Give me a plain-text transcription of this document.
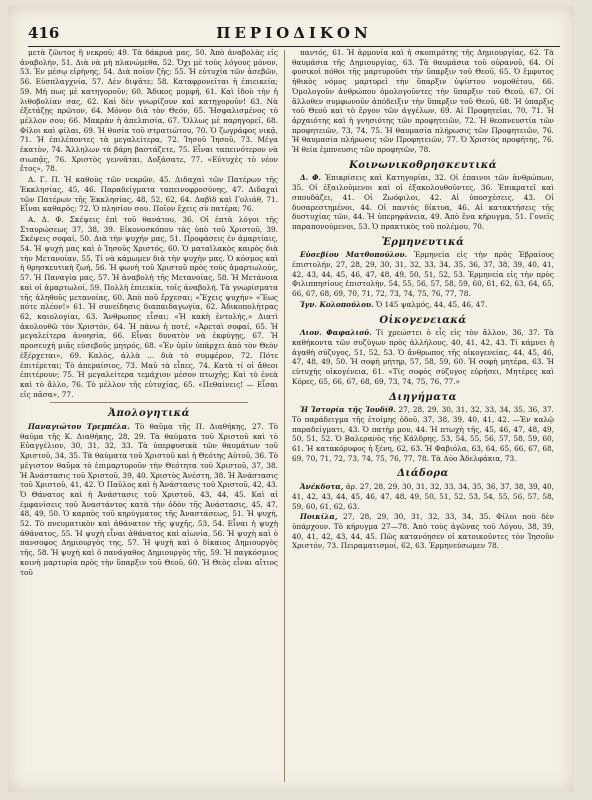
416	ΠΕΡΙΟΔΙΚΟΝ

μετὰ ζῶντος ἢ νεκροῦ; 49. Τὰ δάκρυά μας, 50. Ἀπὸ ἀναβολὰς εἰς ἀναβολήν, 51. Διὰ νὰ μὴ πλανώμεθα, 52. Ὄχι μὲ τοὺς λόγους μόνον, 53. Ἐν μέσῳ εἰρήνης, 54. Διὰ ποῖον ζῆς; 55. Ἡ εὐτυχία τῶν ἀσεβῶν, 56. Εὐσπλαγχνία, 57. Δὲν διψᾶτε; 58. Καταφρονεῖται ἡ ἐπιεικεία; 59. Μή πως μὲ κατηγοροῦν; 60. Ἄδικος μομφή, 61. Καὶ ἰδοὺ τὴν ἡ λιθοβολίαν σας, 62. Καὶ δὲν γνωρίζουν καὶ κατηγοροῦν! 63. Νὰ ἐξετάζῃς πρῶτον, 64. Μόνον διὰ τὸν Θεόν, 65. Ἠσφαλισμένος τὸ μέλλον σου; 66. Μακρὰν ἡ ἀπελπισία, 67. Ὅλλως μὲ παρηγορεῖ, 68. Φίλοι καὶ φίλαι, 69. Ἡ θυσία τοῦ στρατιώτου, 70. Ὁ ζωγράφος νικᾷ, 71. Ἡ ἐπιλέποντες τὰ μεγαλείτερα, 72. Ἰησοῦ Ἰησοῦ, 73. Μέγα ἑκατὸν, 74. Ἄλληλων τὰ βάρη βαστάζετε, 75. Εἶναι ταπεινότερον νὰ σιωπᾷς, 76. Χριστὸς γεννᾶται, Δοξάσατε, 77. «Εὐτυχὲς τὸ νέον ἔτος», 78.

Δ. Γ. Π. Ἡ καθοὺς τῶν νεκρῶν, 45. Διδαχαὶ τῶν Πατέρων τῆς Ἐκκλησίας, 45, 46. Παραδείγματα ταπεινοφροσύνης, 47. Διδαχαὶ τῶν Πατέρων τῆς Ἐκκλησίας, 48, 52, 62, 64. Δαβὶδ καὶ Γολιάθ, 71. Εἶναι καθαρὸς; 72. Ὁ πλησίον σου. Ποῖον ἔχεις σὺ πατέρα; 76.

Α. Δ. Φ. Σκέψεις ἐπὶ τοῦ θανάτου, 36. Οἱ ἑπτὰ λόγοι τῆς Σταυρώσεως 37, 38, 39. Εἰκονοσκόπου τὰς ὑπὸ τοῦ Χριστοῦ, 39. Σκέψεις σοφαί, 50. Διὰ τὴν ψυχήν μας, 51. Προφάσεις ἐν ἁμαρτίαις, 54. Ἡ ψυχὴ μας καὶ ὁ Ἰησοῦς Χριστός, 60. Ὁ ματαϊλακὸς καιρὸς διὰ τὴν Μετανοίαν, 55, Τί νὰ κάμωμεν διὰ τὴν ψυχὴν μας. Ὁ κόσμος καὶ ἡ θρησκευτικὴ ζωή, 56. Ἡ φωνὴ τοῦ Χριστοῦ πρὸς τοὺς ἁμαρτωλούς, 57. Ἡ Παναγία μας, 57. Ἡ ἀναβολὴ τῆς Μετανοίας, 58. Ἡ Μετάνοια καὶ οἱ ἁμαρτωλοί, 59. Πολλὴ ἐπιεικία, τοῖς ἀναβολή. Τὰ γνωρίσματα τῆς ἀληθοῦς μετανοίας, 60. Ἀπὸ ποῦ ἔρχεσαι; «Ἔχεις ψυχήν» «Ἕως πότε πλέον!» 61. Ἡ συνείδησις διαπαιδαγωγία, 62. Ἀδικοπολήτρας 62, καιολογίαι, 63. Ἄνθρωπος εἶσαι; «Ἡ κακὴ ἐντολής,» Διατὶ ἀκολουθῶ τὸν Χριστόν, 64. Ἡ πάνω ἡ ποτέ, «Ἀρεταὶ σοφαί, 65. Ἡ μεγαλείτερα ἀνοησία, 66. Εἶναι δυνατὸν νὰ ἐκφύγῃς, 67. Ἡ προσευχὴ μιᾶς εὐσεβοῦς μητρός, 68. «Ἐν ὑμῖν ὑπάρχει ἀπὸ τὸν Θεὸν ἐξέρχεται», 69. Καλὸς, ἀλλὰ ... διὰ τὸ συμφέρον, 72. Πότε ἐπιτέρεται; Τὸ ἀπεραίσιος, 73. Μαῦ τὰ εἶπες, 74. Κατὰ τί οἱ ἄθεοι ἐπιτέρουν; 75. Ἡ μεγαλείτερα τεμάχιον μέσον πτωχῆς; Καὶ τὸ ἐνεὰ καὶ τὸ ἄλλο, 76. Τὸ μέλλον τῆς εὐτυχίας, 65. «Πεθαίνεις! — Εἶσαι εἰς πᾶσα», 77.

Ἀπολογητικά

Παναγιώτου Τρεμπέλα. Τὸ θαῦμα τῆς Π. Διαθήκης, 27. Τὸ θαῦμα τῆς Κ. Διαθήκης, 28, 29. Τὰ θαύματα τοῦ Χριστοῦ καὶ τὸ Εὐαγγέλιον, 30, 31, 32, 33. Τὰ ὑπερφυσικὰ τῶν θαυμάτων τοῦ Χριστοῦ, 34, 35. Τὰ θαύματα τοῦ Χριστοῦ καὶ ἡ Θεότης Αὐτοῦ, 36. Τὸ μέγιστον θαῦμα τὸ ἐπιμαρτυροῦν τὴν Θεότητα τοῦ Χριστοῦ, 37, 38. Ἡ Ἀνάστασις τοῦ Χριστοῦ, 39, 40. Χριστὸς Ἀνέστη, 38. Ἡ Ἀνάστασις τοῦ Χριστοῦ, 41, 42. Ὁ Παῦλος καὶ ἡ Ἀνάστασις τοῦ Χριστοῦ, 42, 43. Ὁ Θάνατος καὶ ἡ Ἀνάστασις τοῦ Χριστοῦ, 43, 44, 45. Καὶ αἱ ἐμφανίσεις τοῦ Ἀναστάντος κατὰ τὴν ὁδὸν τῆς Ἀνάστασις, 45, 47, 48, 49, 50. Ὁ καρπὸς τοῦ κηρύγματος τῆς Ἀναστάσεως, 51. Ἡ ψυχὴ, 52. Τὸ πνευματικὸν καὶ ἀθάνατον τῆς ψυχῆς, 53, 54. Εἶναι ἡ ψυχὴ ἀθάνατος, 55. Ἡ ψυχὴ εἶναι ἀθάνατος καὶ αἰωνία, 56. Ἡ ψυχὴ καὶ ὁ πανσοφος Δημιουργὸς της, 57. Ἡ ψυχὴ καὶ ὁ δίκαιος Δημιουργὸς τῆς, 58. Ἡ ψυχὴ καὶ ὁ πανάγαθος Δημιουργὸς τῆς, 59. Ἡ παγκόσμιος κοινὴ μαρτυρία πρὸς τὴν ὕπαρξιν τοῦ Θεοῦ, 60. Ἡ Θεὸς εἶναι αἴτιος τοῦ

παντός, 61. Ἡ ἁρμονία καὶ ἡ σκοπιμότης τῆς Δημιουργίας, 62. Τὰ θαυμάσια τῆς Δημιουργίας, 63. Τὰ θαυμάσια τοῦ οὐρανοῦ, 64. Οἱ φυσικοὶ πόθοι τῆς μαρτυροῦσι τὴν ὕπαρξιν τοῦ Θεοῦ, 65. Ὁ ἔμφυτος ἠθικὸς νόμος μαρτυρεῖ τὴν ὕπαρξιν ὑψίστου νομοθέτου, 66. Ὁμολογοῦν ἀνθρώπου ὁμολογοῦντες τὴν ὕπαρξιν τοῦ Θεοῦ, 67. Οἱ ἄλλοθεν συμφωνοῦν ἀπόδειξιν τὴν ὕπαρξιν τοῦ Θεοῦ, 68. Ἡ ὑπαρξις τοῦ Θεοῦ καὶ τὸ ἔργον τῶν ἀγγέλων, 69. Αἱ Προφητεῖαι, 70, 71. Ἡ ἀρχαιότης καὶ ἡ γνησιότης τῶν προφητειῶν, 72. Ἡ θεοπνευστία τῶν προφητειῶν, 73, 74, 75. Ἡ θαυμασία πλήρωσις τῶν Προφητειῶν, 76. Ἡ θαυμασία πλήρωσις τῶν Προφητειῶν, 77. Ὁ Χριστὸς προφήτης, 76. Ἡ θεία ἐμπνευσις τῶν προφητῶν, 78.

Κοινωνικοθρησκευτικά

Δ. Φ. Ἐπικρίσεις καὶ Κατηγορίαι, 32. Οἱ ἐπαινοι τῶν ἀνθρώπων, 35. Οἱ ἐξαιλοῦμενοι καὶ οἱ ἐξακολουθοῦντες, 36. Ἐπικρατεῖ καὶ σπουδάζει, 41. Οἱ Ζωόφιλοι, 42. Αἱ ὑποσχέσεις, 43. Οἱ δυσαρεστημένοι, 44. Οἱ παντὸς δίκτυα, 46. Αἱ κατακτήσεις τῆς δυστυχίας τῶν, 44. Ἡ ὑπερηφάνεια, 49. Ἀπὸ ἓνα κήρυγμα, 51. Γονεῖς παραπονούμενοι, 53. Ὁ πρακτικὸς τοῦ πολέμου, 70.

Ἑρμηνευτικά

Εὐσεβίου Ματθοπούλου. Ἑρμηνεία εἰς τὴν πρὸς Ἑβραίους ἐπιστολήν, 27, 28, 29, 30, 31, 32, 33, 34, 35, 36, 37, 38, 39, 40, 41, 42, 43, 44, 45, 46, 47, 48, 49, 50, 51, 52, 53. Ἑρμηνεία εἰς τὴν πρὸς Φιλιππησίους ἐπιστολήν, 54, 55, 56, 57, 58, 59, 60, 61, 62, 63, 64, 65, 66, 67, 68, 69, 70, 71, 72, 73, 74, 75, 76, 77, 78.

Ἰγν. Κολοπούλου. Ὁ 145 ψαλμός, 44, 45, 46, 47.

Οἰκογενειακά

Λιον. Φαφαλιοῦ. Τί χρεώστει ὁ εἷς εἰς τὸν ἄλλον, 36, 37. Τὰ καθήκοντα τῶν συζύγων πρὸς ἀλλήλους, 40, 41, 42, 43. Τί κάμνει ἡ ἀγαθὴ σύζυγος, 51, 52, 53. Ὁ ἄνθρωπος τῆς οἰκογενείας, 44, 45, 46, 47, 48, 49, 50. Ἡ σοφὴ μήτηρ, 57, 58, 59, 60. Ἡ σοφὴ μητέρα, 63. Ἡ εὐτυχὴς οἰκογένεια, 61. «Τίς σοφὸς σύζυγος εὑρήσει, Μητέρες καὶ Κόρες, 65, 66, 67, 68, 69, 73, 74, 75, 76, 77.»

Διηγήματα

Ἡ Ἱστορία τῆς Ἰουδίθ. 27, 28, 29, 30, 31, 32, 33, 34, 35, 36, 37. Τὸ παράδειγμα τῆς ἑτοίμης ὁδοῦ, 37, 38, 39, 40, 41, 42. —Ἐν καλῷ παραδείγματι, 43. Ὁ πατὴρ μου, 44. Ἡ πτωχὴ τῆς, 45, 46, 47, 48, 49, 50, 51, 52. Ὁ Βαλερανὸς τῆς Κάλδρης, 53, 54, 55, 56, 57, 58, 59, 60, 61. Ἡ κατακόρυφος ἡ ξένη, 62, 63. Ἡ Φαβιόλα, 63, 64, 65, 66, 67, 68, 69, 70, 71, 72, 73, 74, 75, 76, 77, 78. Τὰ Δύο Ἀδελφάκια, 73.

Διάδορα

Ἀνέκδοτα, ἀρ. 27, 28, 29, 30, 31, 32, 33, 34, 35, 36, 37, 38, 39, 40, 41, 42, 43, 44, 45, 46, 47, 48, 49, 50, 51, 52, 53, 54, 55, 56, 57, 58, 59, 60, 61, 62, 63.

Ποικίλα, 27, 28, 29, 30, 31, 32, 33, 34, 35. Φίλοι ποὺ δὲν ὑπάρχουν. Τὸ κήρυγμα 27—78. Ἀπὸ τοὺς ἀγῶνας τοῦ Λόγου, 38, 39, 40, 41, 42, 43, 44, 45. Πῶς κατανόησεν οἱ κατοικοῦντες τὸν Ἰησοῦν Χριστόν, 73. Πειραματισμοί, 62, 63. Ἐρμηνεύσωμεν 78.
